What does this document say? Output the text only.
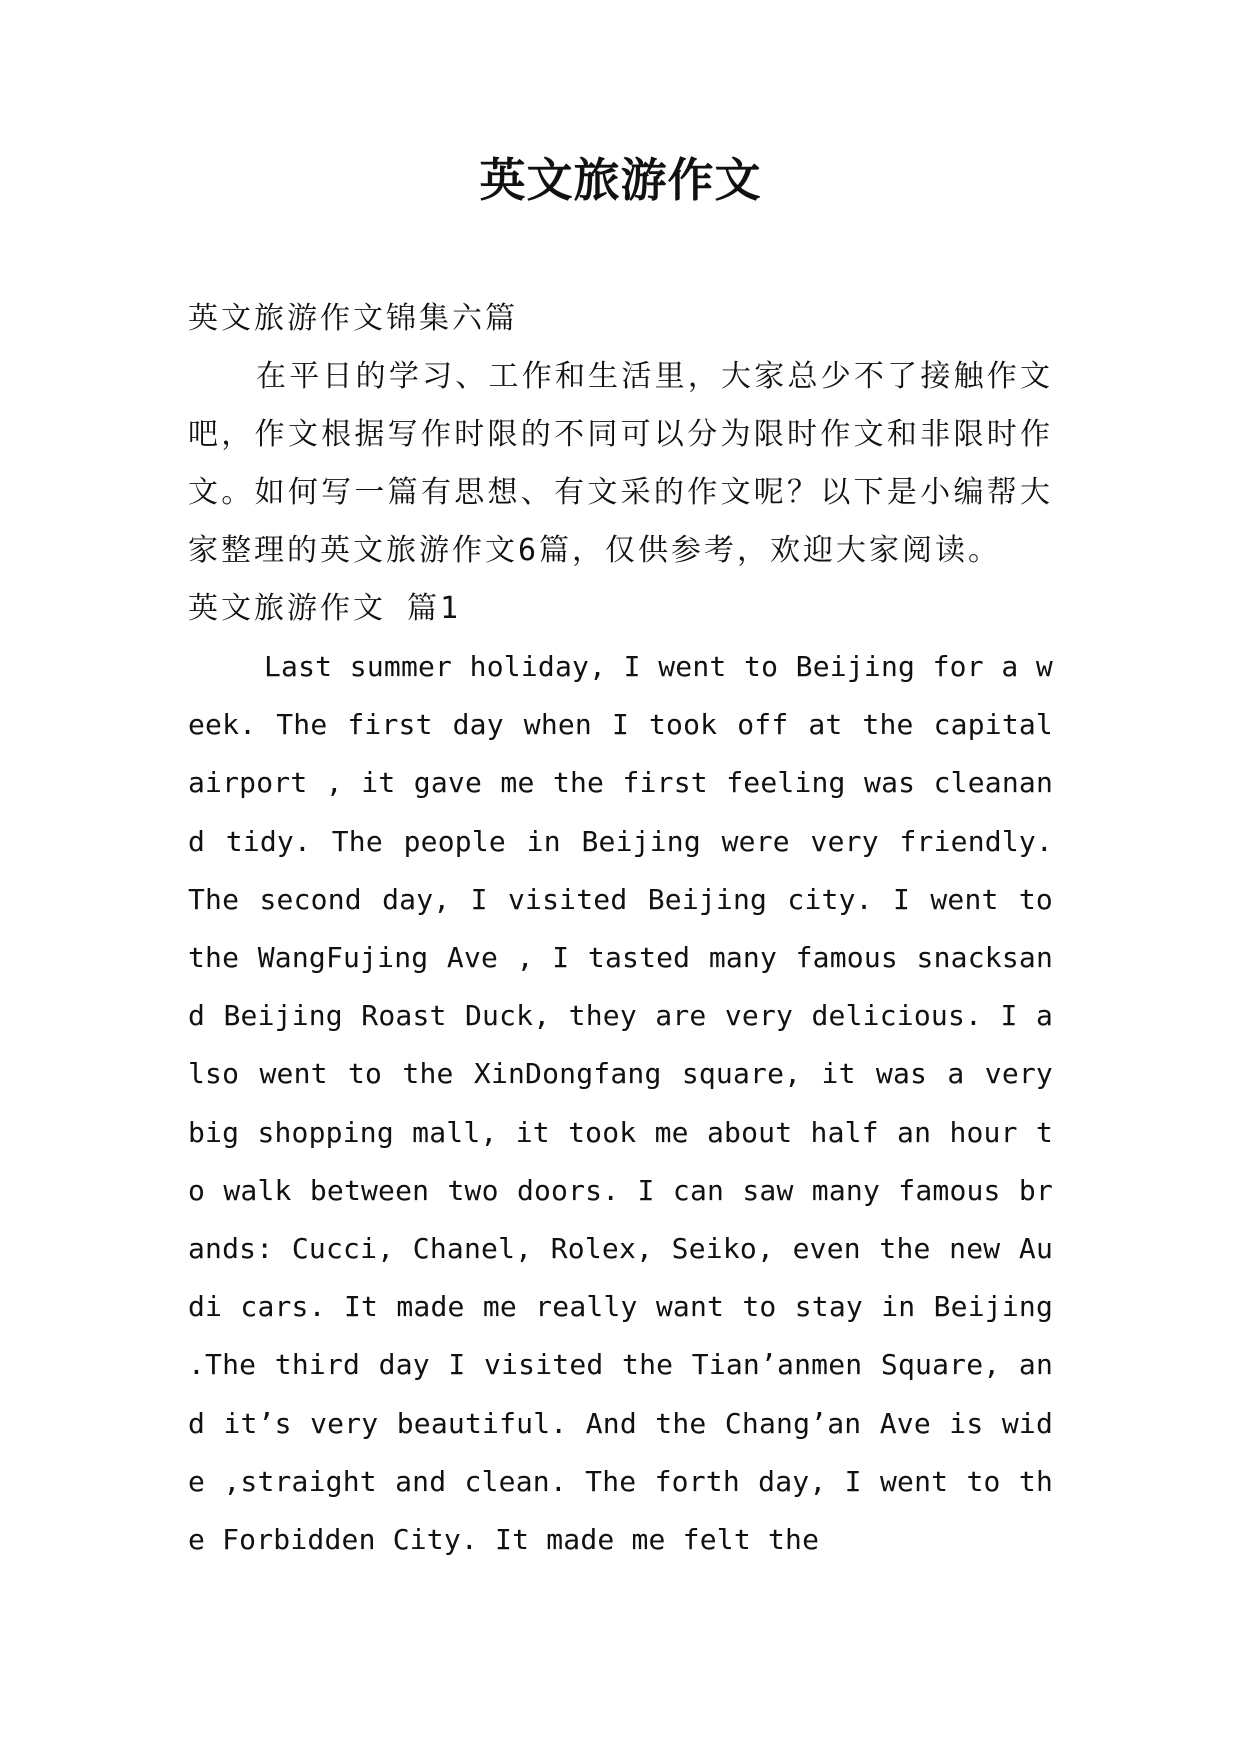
英文旅游作文

英文旅游作文锦集六篇

在平日的学习、工作和生活里，大家总少不了接触作文吧，作文根据写作时限的不同可以分为限时作文和非限时作文。如何写一篇有思想、有文采的作文呢？以下是小编帮大家整理的英文旅游作文6篇，仅供参考，欢迎大家阅读。

英文旅游作文 篇1

Last summer holiday, I went to Beijing for a week. The first day when I took off at the capital airport , it gave me the first feeling was cleanand tidy. The people in Beijing were very friendly. The second day, I visited Beijing city. I went to the WangFujing Ave , I tasted many famous snacksand Beijing Roast Duck, they are very delicious. I also went to the XinDongfang square, it was a very big shopping mall, it took me about half an hour to walk between two doors. I can saw many famous brands: Cucci, Chanel, Rolex, Seiko, even the new Audi cars. It made me really want to stay in Beijing .The third day I visited the Tian’anmen Square, and it’s very beautiful. And the Chang’an Ave is wide ,straight and clean. The forth day, I went to the Forbidden City. It made me felt the
